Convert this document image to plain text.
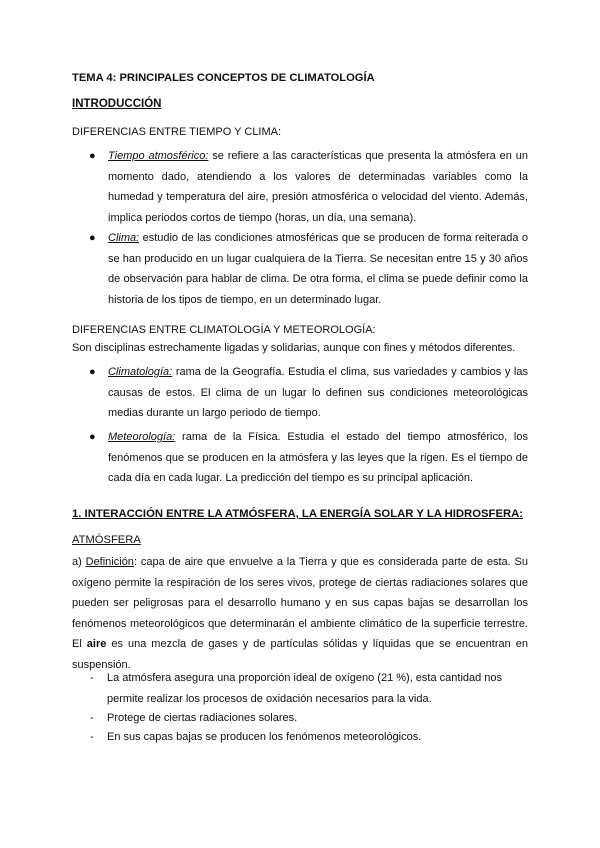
TEMA 4: PRINCIPALES CONCEPTOS DE CLIMATOLOGÍA
INTRODUCCIÓN
DIFERENCIAS ENTRE TIEMPO Y CLIMA:
●	Tiempo atmosférico: se refiere a las características que presenta la atmósfera en un momento dado, atendiendo a los valores de determinadas variables como la humedad y temperatura del aire, presión atmosférica o velocidad del viento. Además, implica periodos cortos de tiempo (horas, un día, una semana).
●	Clima: estudio de las condiciones atmosféricas que se producen de forma reiterada o se han producido en un lugar cualquiera de la Tierra. Se necesitan entre 15 y 30 años de observación para hablar de clima. De otra forma, el clima se puede definir como la historia de los tipos de tiempo, en un determinado lugar.
DIFERENCIAS ENTRE CLIMATOLOGÍA Y METEOROLOGÍA:
Son disciplinas estrechamente ligadas y solidarias, aunque con fines y métodos diferentes.
●	Climatología: rama de la Geografía. Estudia el clima, sus variedades y cambios y las causas de estos. El clima de un lugar lo definen sus condiciones meteorológicas medias durante un largo periodo de tiempo.
●	Meteorología: rama de la Física. Estudia el estado del tiempo atmosférico, los fenómenos que se producen en la atmósfera y las leyes que la rigen. Es el tiempo de cada día en cada lugar. La predicción del tiempo es su principal aplicación.
1. INTERACCIÓN ENTRE LA ATMÓSFERA, LA ENERGÍA SOLAR Y LA HIDROSFERA:
ATMÓSFERA
a) Definición: capa de aire que envuelve a la Tierra y que es considerada parte de esta. Su oxígeno permite la respiración de los seres vivos, protege de ciertas radiaciones solares que pueden ser peligrosas para el desarrollo humano y en sus capas bajas se desarrollan los fenómenos meteorológicos que determinarán el ambiente climático de la superficie terrestre. El aire es una mezcla de gases y de partículas sólidas y líquidas que se encuentran en suspensión.
- La atmósfera asegura una proporción ideal de oxígeno (21 %), esta cantidad nos permite realizar los procesos de oxidación necesarios para la vida.
- Protege de ciertas radiaciones solares.
- En sus capas bajas se producen los fenómenos meteorológicos.
